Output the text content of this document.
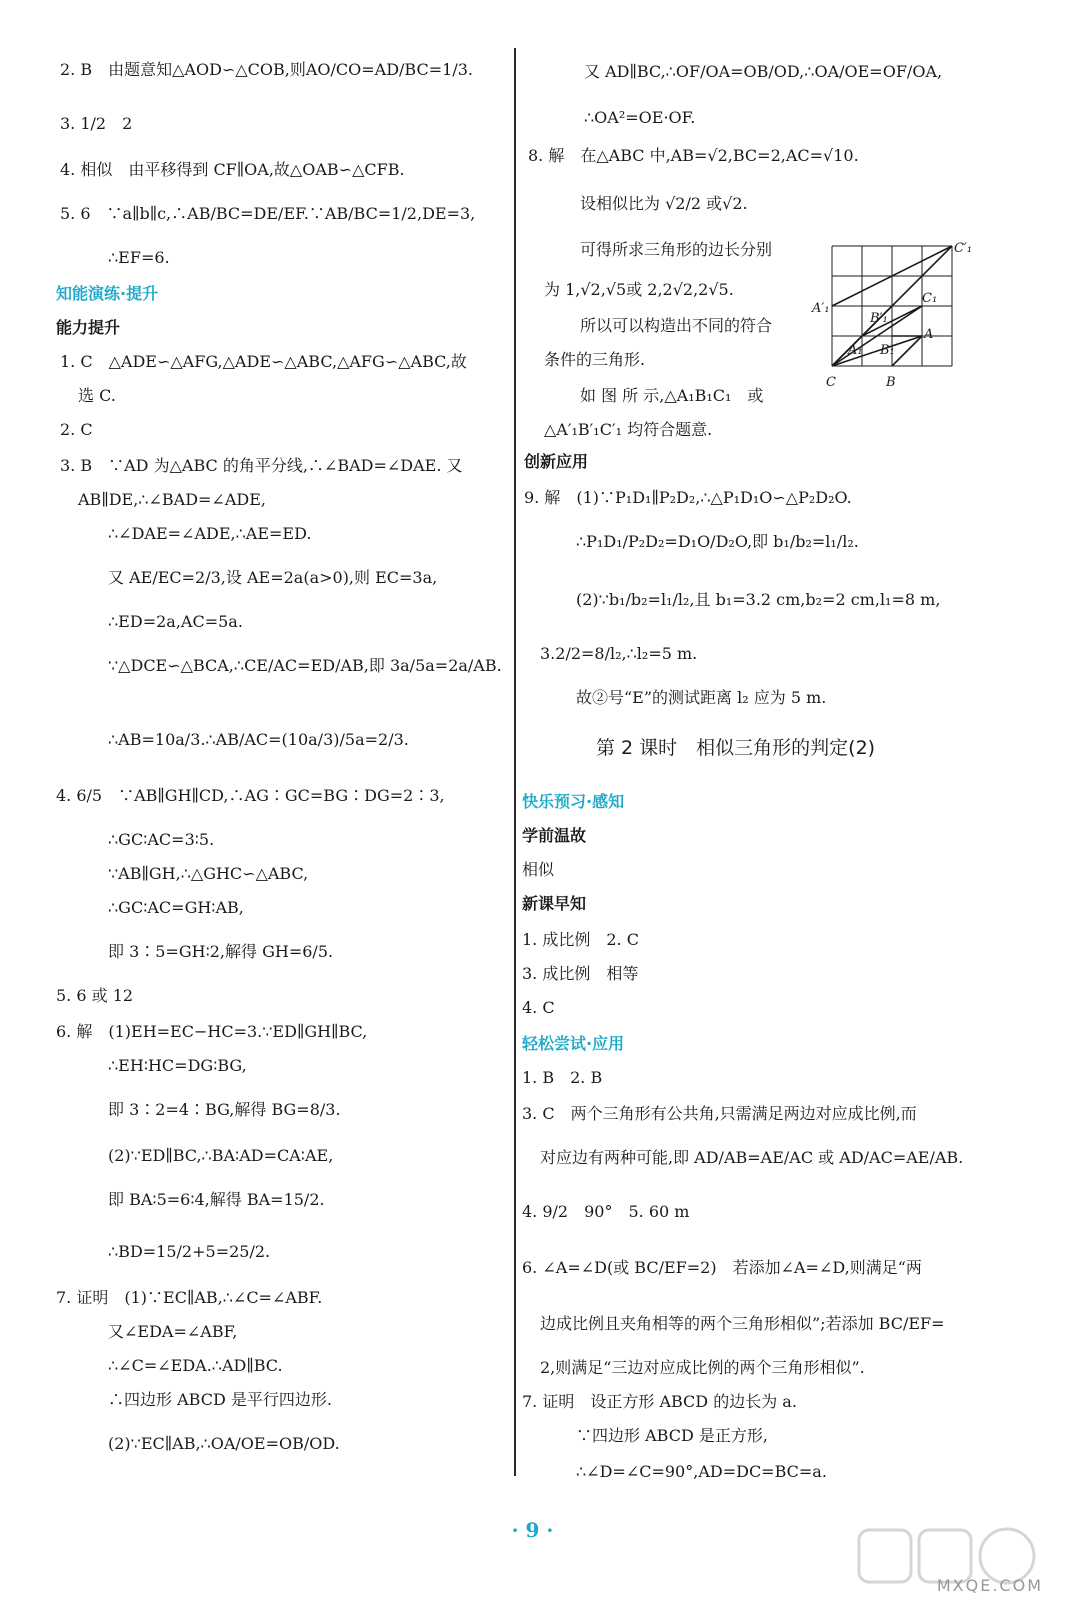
2. B　由题意知△AOD∽△COB,则AO/CO=AD/BC=1/3.
3. 1/2　2
4. 相似　由平移得到 CF∥OA,故△OAB∽△CFB.
5. 6　∵a∥b∥c,∴AB/BC=DE/EF.∵AB/BC=1/2,DE=3,
∴EF=6.
知能演练·提升
能力提升
1. C　△ADE∽△AFG,△ADE∽△ABC,△AFG∽△ABC,故
选 C.
2. C
3. B　∵AD 为△ABC 的角平分线,∴∠BAD=∠DAE. 又
AB∥DE,∴∠BAD=∠ADE,
∴∠DAE=∠ADE,∴AE=ED.
又 AE/EC=2/3,设 AE=2a(a>0),则 EC=3a,
∴ED=2a,AC=5a.
∵△DCE∽△BCA,∴CE/AC=ED/AB,即 3a/5a=2a/AB.
∴AB=10a/3.∴AB/AC=(10a/3)/5a=2/3.
4. 6/5　∵AB∥GH∥CD,∴AG∶GC=BG∶DG=2∶3,
∴GC∶AC=3∶5.
∵AB∥GH,∴△GHC∽△ABC,
∴GC∶AC=GH∶AB,
即 3∶5=GH∶2,解得 GH=6/5.
5. 6 或 12
6. 解　(1)EH=EC−HC=3.∵ED∥GH∥BC,
∴EH∶HC=DG∶BG,
即 3∶2=4∶BG,解得 BG=8/3.
(2)∵ED∥BC,∴BA∶AD=CA∶AE,
即 BA∶5=6∶4,解得 BA=15/2.
∴BD=15/2+5=25/2.
7. 证明　(1)∵EC∥AB,∴∠C=∠ABF.
又∠EDA=∠ABF,
∴∠C=∠EDA.∴AD∥BC.
∴四边形 ABCD 是平行四边形.
(2)∵EC∥AB,∴OA/OE=OB/OD.
又 AD∥BC,∴OF/OA=OB/OD,∴OA/OE=OF/OA,
∴OA²=OE·OF.
8. 解　在△ABC 中,AB=√2,BC=2,AC=√10.
设相似比为 √2/2 或√2.
可得所求三角形的边长分别
为 1,√2,√5或 2,2√2,2√5.
所以可以构造出不同的符合
条件的三角形.
如 图 所 示,△A₁B₁C₁　或
△A′₁B′₁C′₁ 均符合题意.
创新应用
9. 解　(1)∵P₁D₁∥P₂D₂,∴△P₁D₁O∽△P₂D₂O.
∴P₁D₁/P₂D₂=D₁O/D₂O,即 b₁/b₂=l₁/l₂.
(2)∵b₁/b₂=l₁/l₂,且 b₁=3.2 cm,b₂=2 cm,l₁=8 m,
3.2/2=8/l₂,∴l₂=5 m.
故②号“E”的测试距离 l₂ 应为 5 m.
第 2 课时　相似三角形的判定(2)
快乐预习·感知
学前温故
相似
新课早知
1. 成比例　2. C
3. 成比例　相等
4. C
轻松尝试·应用
1. B　2. B
3. C　两个三角形有公共角,只需满足两边对应成比例,而
对应边有两种可能,即 AD/AB=AE/AC 或 AD/AC=AE/AB.
4. 9/2　90°　5. 60 m
6. ∠A=∠D(或 BC/EF=2)　若添加∠A=∠D,则满足“两
边成比例且夹角相等的两个三角形相似”;若添加 BC/EF=
2,则满足“三边对应成比例的两个三角形相似”.
7. 证明　设正方形 ABCD 的边长为 a.
∵四边形 ABCD 是正方形,
∴∠D=∠C=90°,AD=DC=BC=a.
C′₁
A′₁
C₁
B′₁
A
A₁ B₁
C	B
· 9 ·
MXQE.COM
